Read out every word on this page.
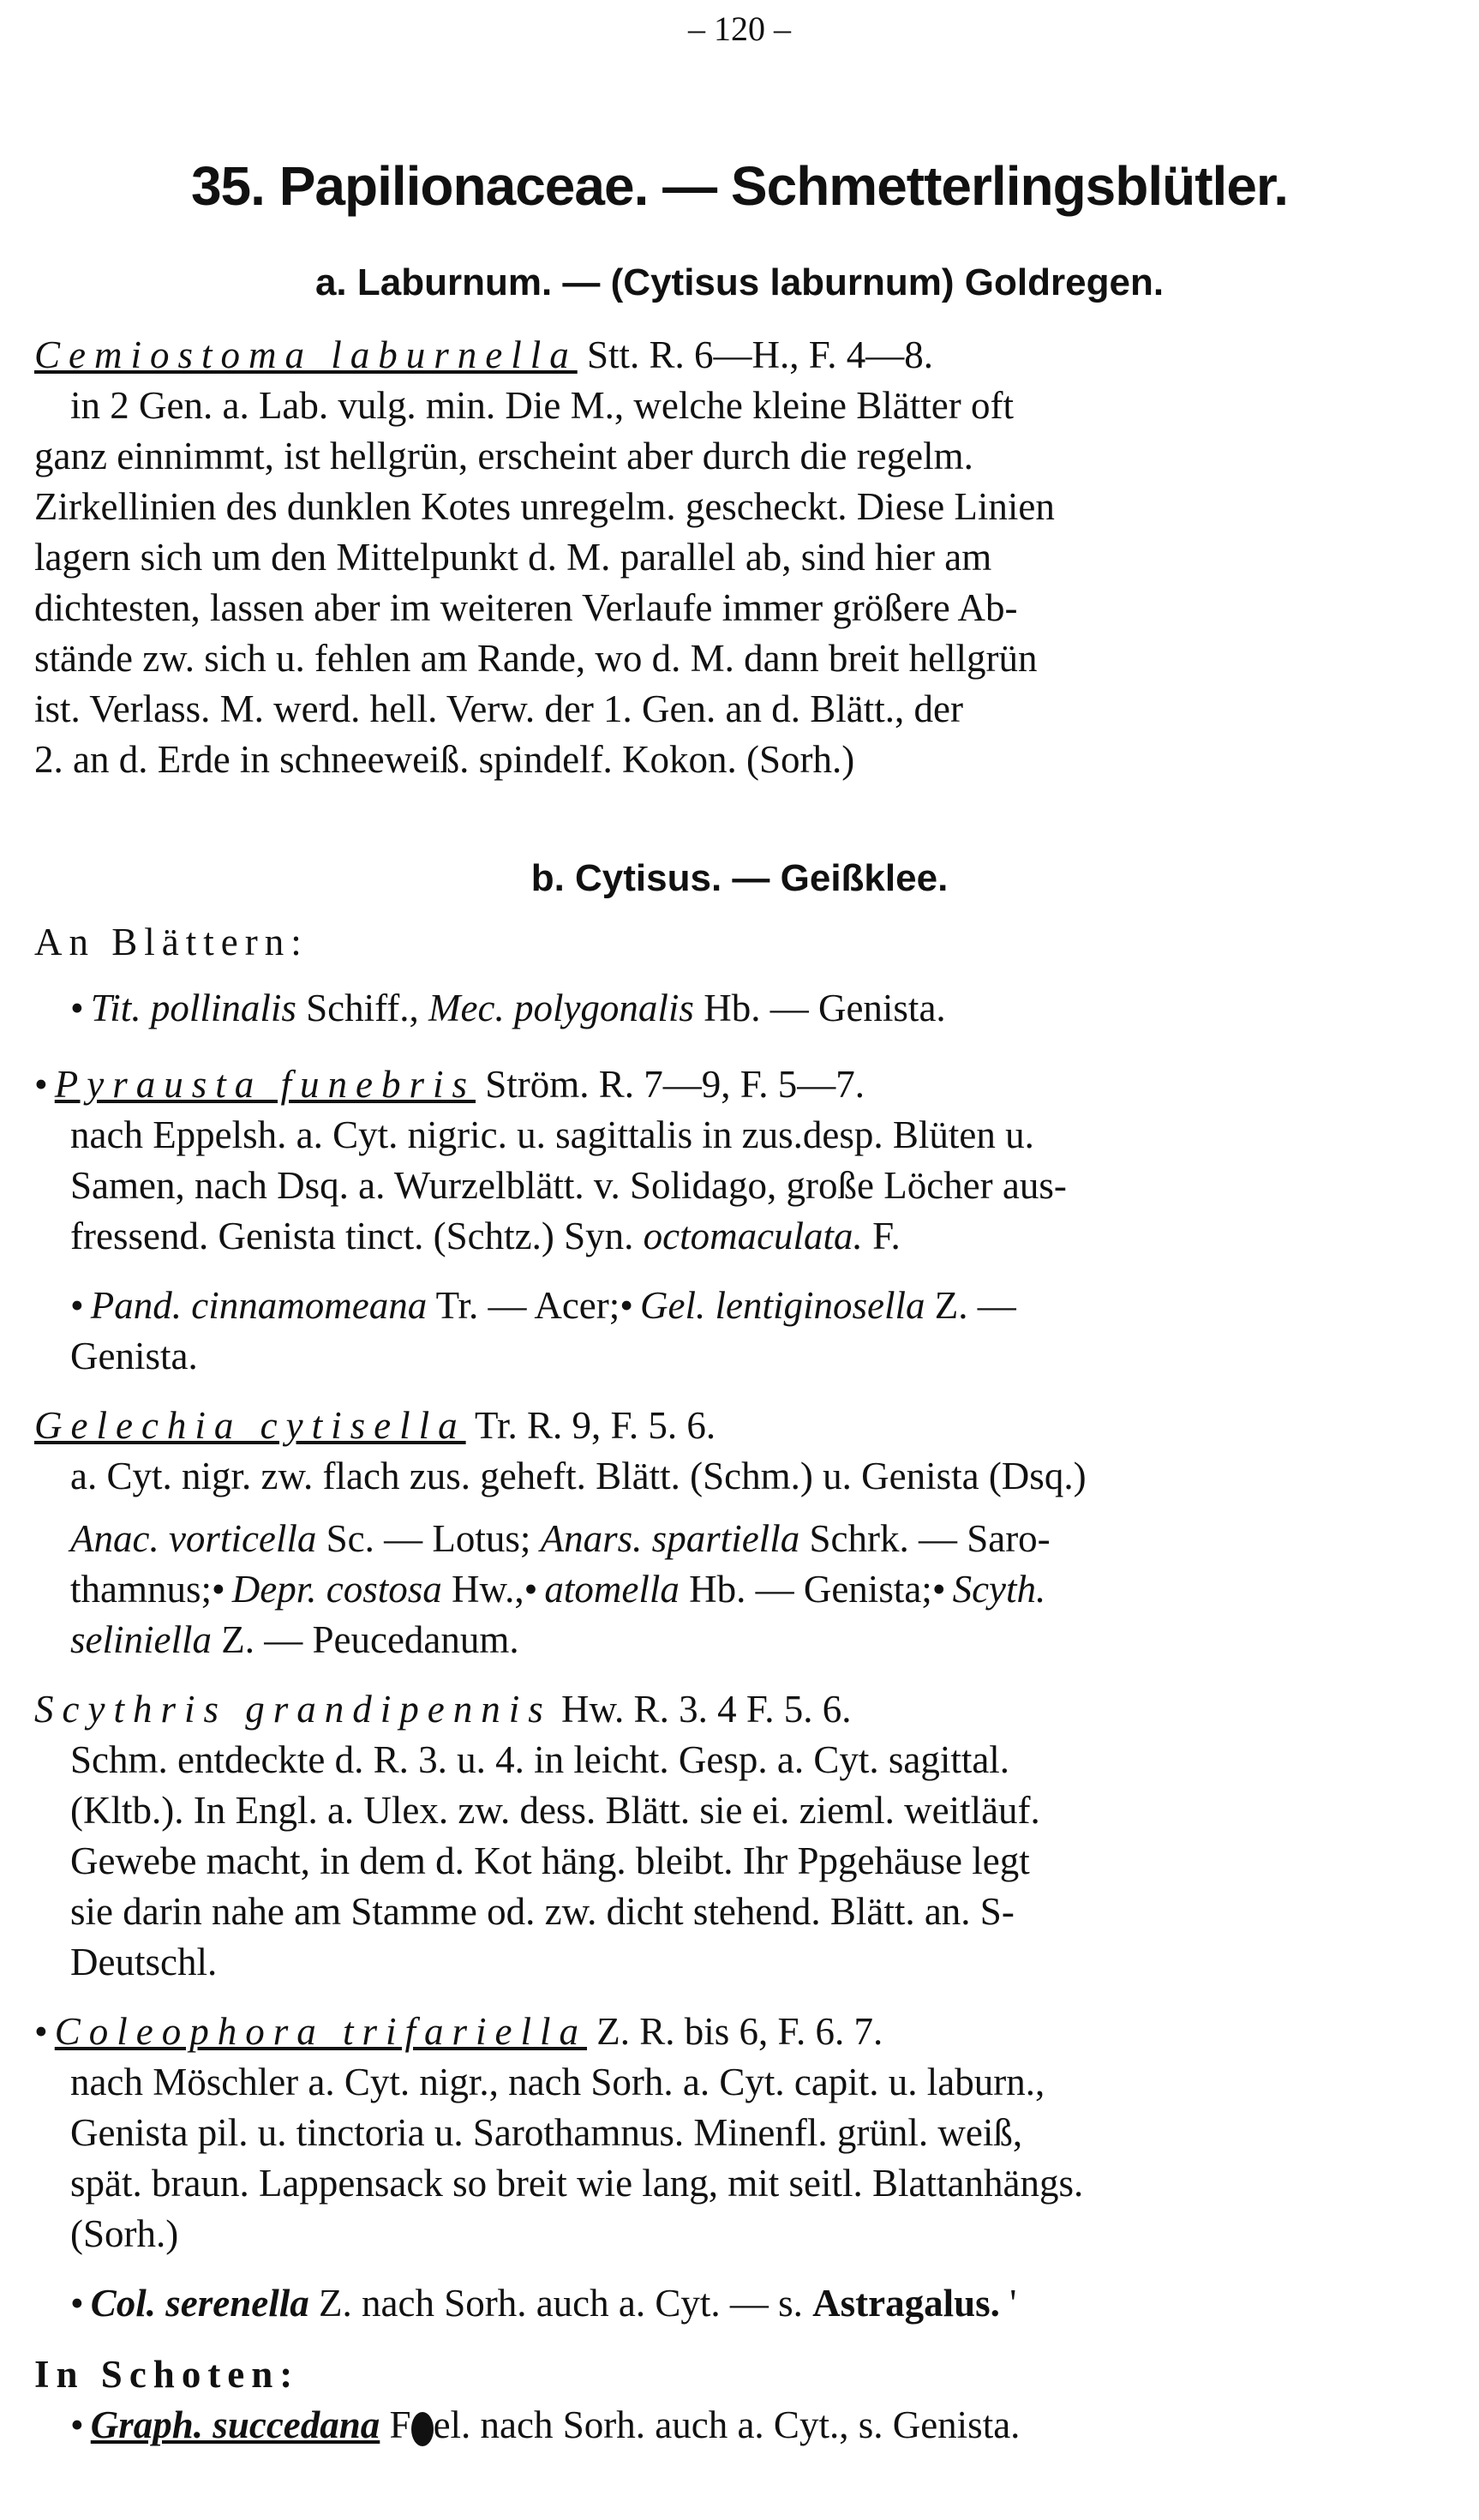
– 120 –
35. Papilionaceae. — Schmetterlingsblütler.
a. Laburnum. — (Cytisus laburnum) Goldregen.

Cemiostoma laburnella Stt. R. 6—H., F. 4—8.

in 2 Gen. a. Lab. vulg. min. Die M., welche kleine Blätter oft

ganz einnimmt, ist hellgrün, erscheint aber durch die regelm.

Zirkellinien des dunklen Kotes unregelm. gescheckt. Diese Linien

lagern sich um den Mittelpunkt d. M. parallel ab, sind hier am

dichtesten, lassen aber im weiteren Verlaufe immer größere Ab-

stände zw. sich u. fehlen am Rande, wo d. M. dann breit hellgrün

ist. Verlass. M. werd. hell. Verw. der 1. Gen. an d. Blätt., der

2. an d. Erde in schneeweiß. spindelf. Kokon. (Sorh.)

b. Cytisus. — Geißklee.

An Blättern:

• Tit. pollinalis Schiff., Mec. polygonalis Hb. — Genista.

• Pyrausta funebris Ström. R. 7—9, F. 5—7.

nach Eppelsh. a. Cyt. nigric. u. sagittalis in zus.desp. Blüten u.

Samen, nach Dsq. a. Wurzelblätt. v. Solidago, große Löcher aus-

fressend. Genista tinct. (Schtz.) Syn. octomaculata. F.

• Pand. cinnamomeana Tr. — Acer;• Gel. lentiginosella Z. —

Genista.

Gelechia cytisella Tr. R. 9, F. 5. 6.

a. Cyt. nigr. zw. flach zus. geheft. Blätt. (Schm.) u. Genista (Dsq.)

Anac. vorticella Sc. — Lotus; Anars. spartiella Schrk. — Saro-

thamnus;• Depr. costosa Hw.,• atomella Hb. — Genista;• Scyth.

seliniella Z. — Peucedanum.

Scythris grandipennis Hw. R. 3. 4 F. 5. 6.

Schm. entdeckte d. R. 3. u. 4. in leicht. Gesp. a. Cyt. sagittal.

(Kltb.). In Engl. a. Ulex. zw. dess. Blätt. sie ei. zieml. weitläuf.

Gewebe macht, in dem d. Kot häng. bleibt. Ihr Ppgehäuse legt

sie darin nahe am Stamme od. zw. dicht stehend. Blätt. an. S-

Deutschl.

• Coleophora trifariella Z. R. bis 6, F. 6. 7.

nach Möschler a. Cyt. nigr., nach Sorh. a. Cyt. capit. u. laburn.,

Genista pil. u. tinctoria u. Sarothamnus. Minenfl. grünl. weiß,

spät. braun. Lappensack so breit wie lang, mit seitl. Blattanhängs.

(Sorh.)

• Col. serenella Z. nach Sorh. auch a. Cyt. — s. Astragalus. '

In Schoten:

• Graph. succedana F el. nach Sorh. auch a. Cyt., s. Genista.
